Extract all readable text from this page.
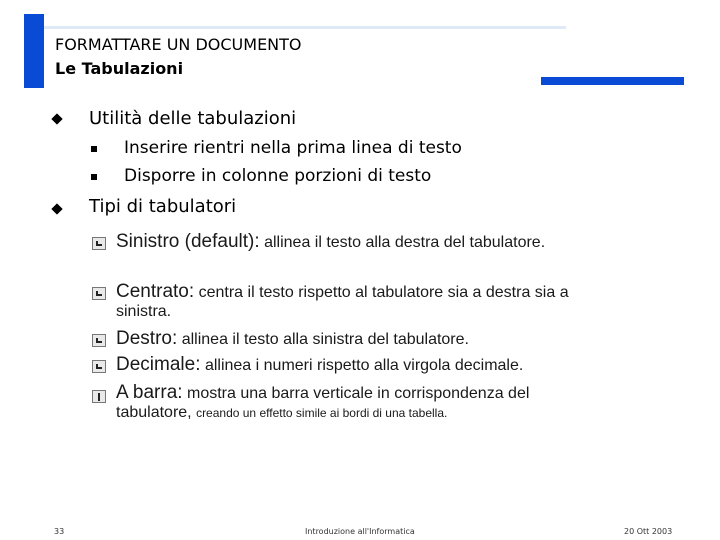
FORMATTARE UN DOCUMENTO
Le Tabulazioni
Utilità delle tabulazioni
Inserire rientri nella prima linea di testo
Disporre in colonne porzioni di testo
Tipi di tabulatori
Sinistro (default): allinea il testo alla destra del tabulatore.
Centrato: centra il testo rispetto al tabulatore sia a destra sia a sinistra.
Destro: allinea il testo alla sinistra del tabulatore.
Decimale: allinea i numeri rispetto alla virgola decimale.
A barra: mostra una barra verticale in corrispondenza del tabulatore, creando un effetto simile ai bordi di una tabella.
33	Introduzione all'Informatica	20 Ott 2003
